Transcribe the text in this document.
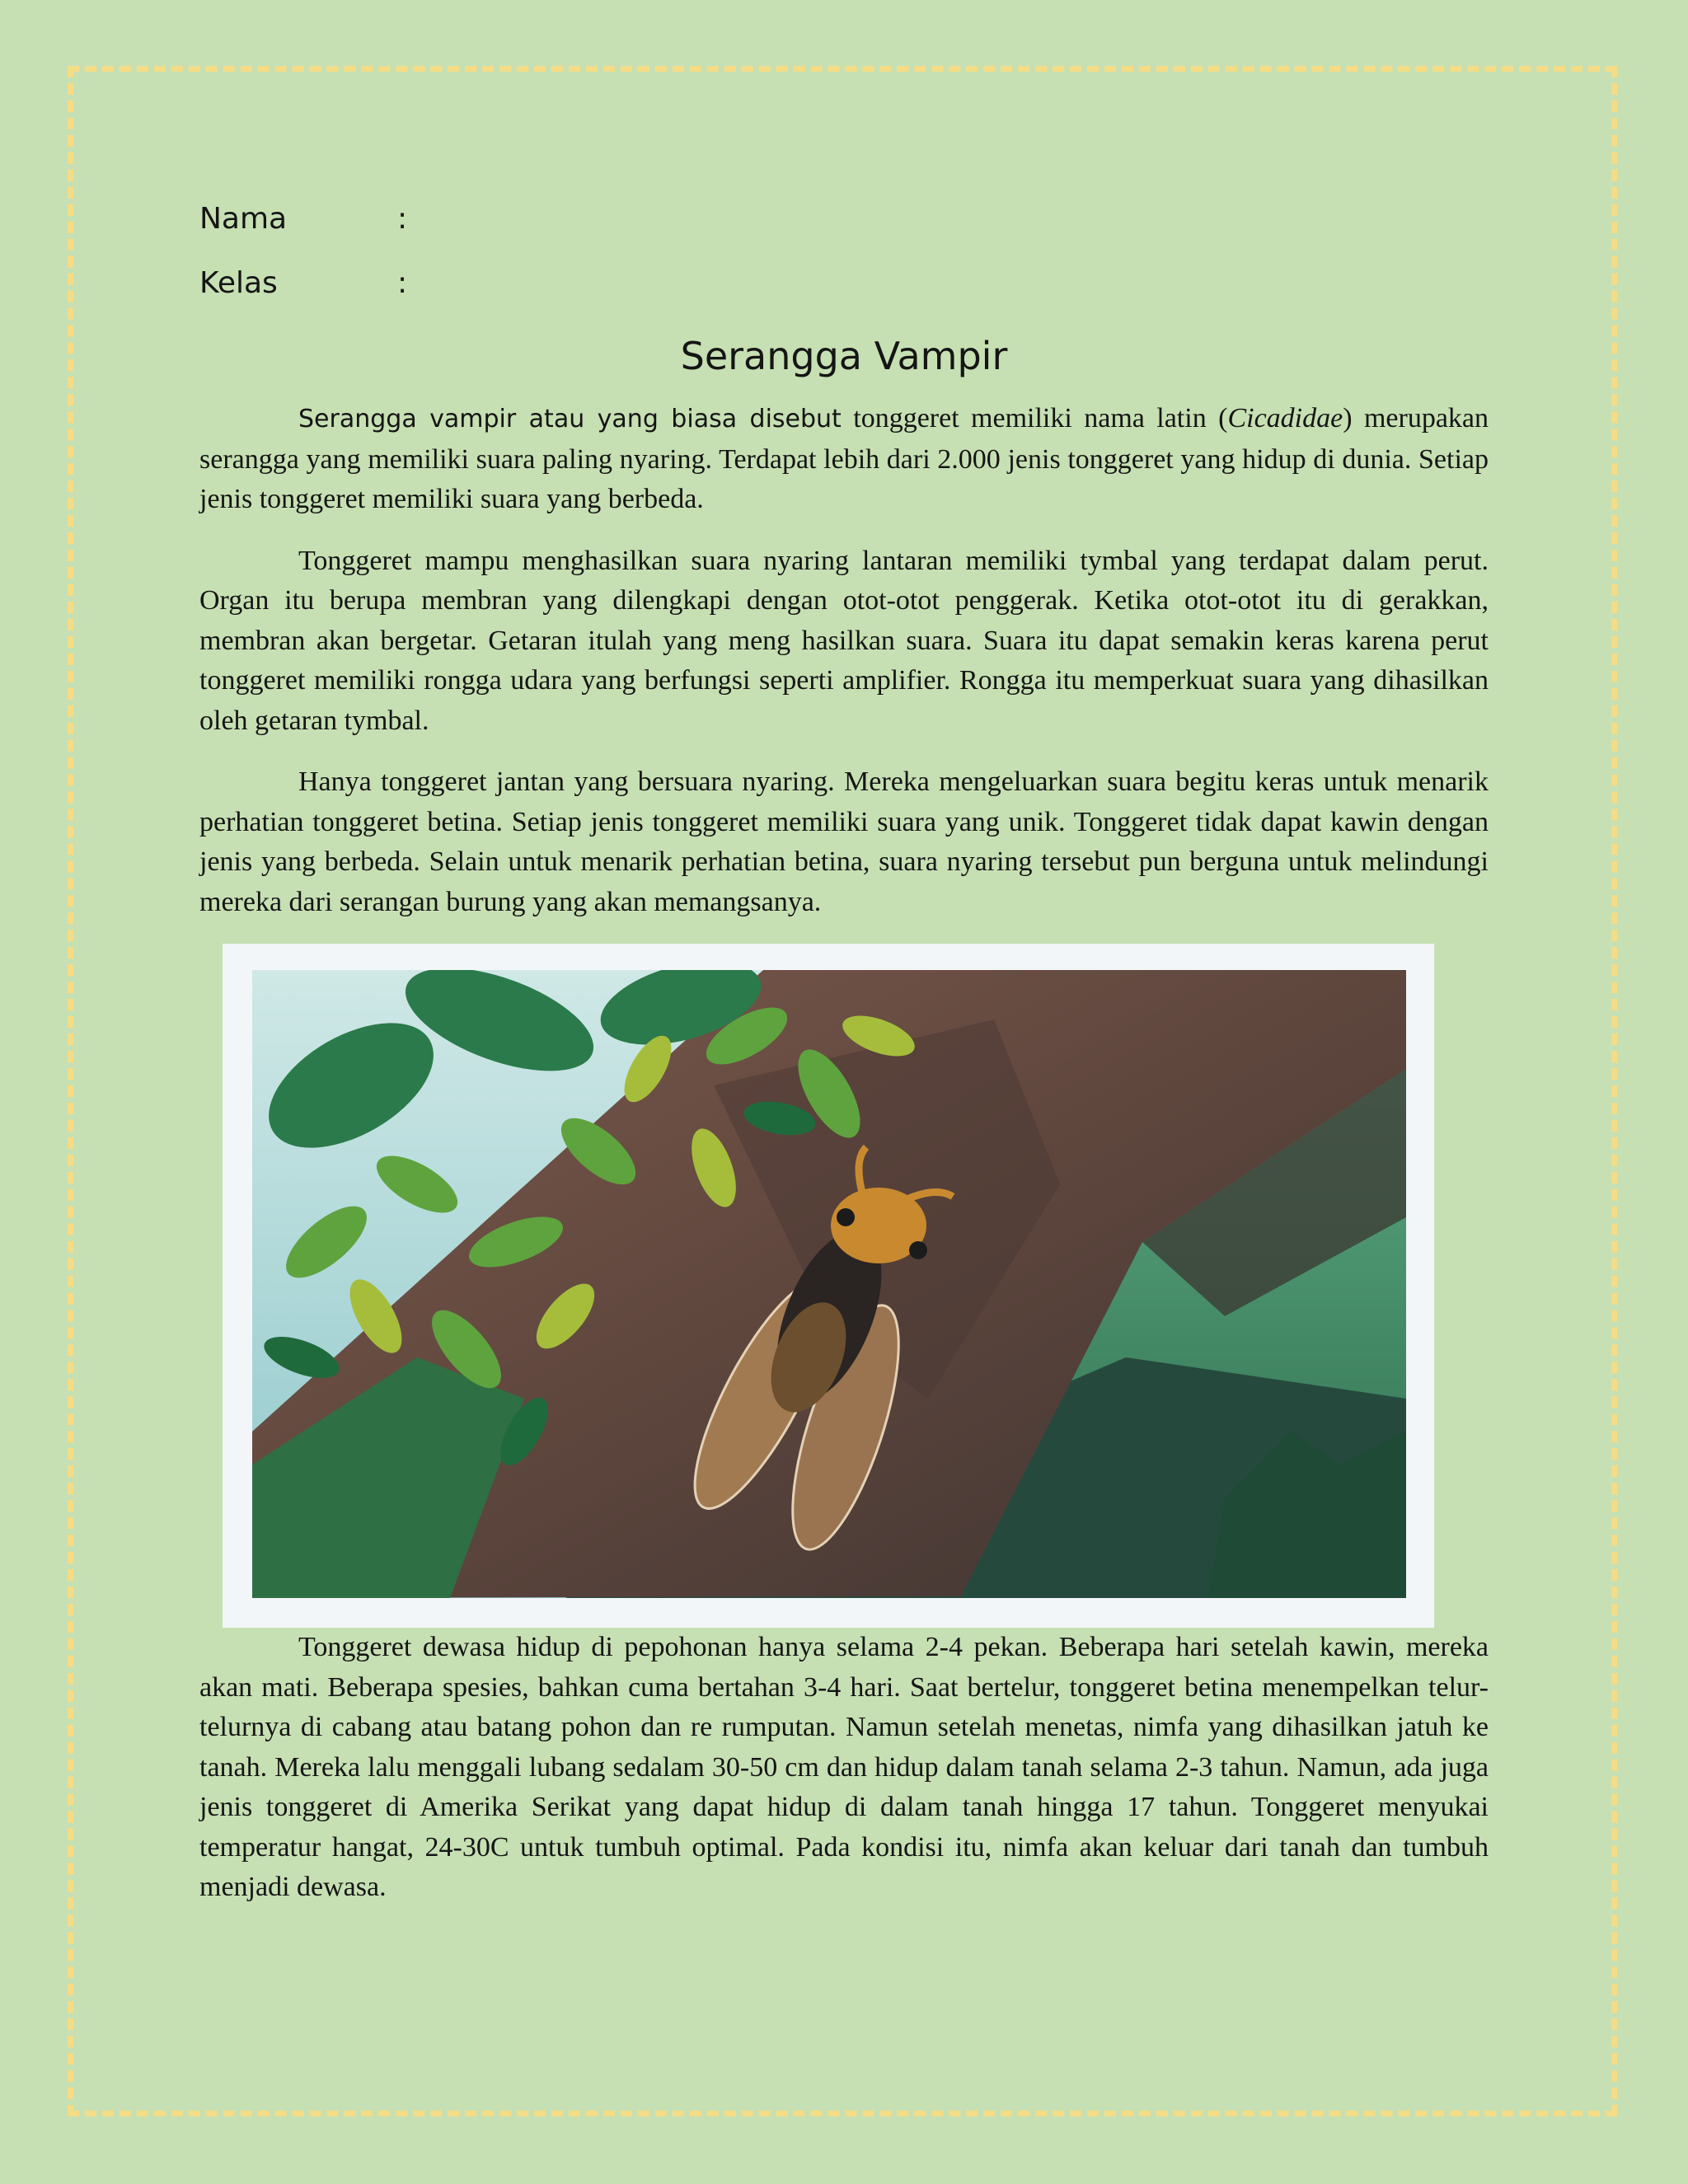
Nama	:
Kelas	:
Serangga Vampir

Serangga vampir atau yang biasa disebut tonggeret memiliki nama latin (Cicadidae) merupakan serangga yang memiliki suara paling nyaring. Terdapat lebih dari 2.000 jenis tonggeret yang hidup di dunia. Setiap jenis tonggeret memiliki suara yang berbeda.

Tonggeret mampu menghasilkan suara nyaring lantaran memiliki tymbal yang terdapat dalam perut. Organ itu berupa membran yang dilengkapi dengan otot-otot penggerak. Ketika otot-otot itu di gerakkan, membran akan bergetar. Getaran itulah yang meng hasilkan suara. Suara itu dapat semakin keras karena perut tonggeret memiliki rongga udara yang berfungsi seperti amplifier. Rongga itu memperkuat suara yang dihasilkan oleh getaran tymbal.

Hanya tonggeret jantan yang bersuara nyaring. Mereka mengeluarkan suara begitu keras untuk menarik perhatian tonggeret betina. Setiap jenis tonggeret memiliki suara yang unik. Tonggeret tidak dapat kawin dengan jenis yang berbeda. Selain untuk menarik perhatian betina, suara nyaring tersebut pun berguna untuk melindungi mereka dari serangan burung yang akan memangsanya.

Tonggeret dewasa hidup di pepohonan hanya selama 2-4 pekan. Beberapa hari setelah kawin, mereka akan mati. Beberapa spesies, bahkan cuma bertahan 3-4 hari. Saat bertelur, tonggeret betina menempelkan telur-telurnya di cabang atau batang pohon dan re rumputan. Namun setelah menetas, nimfa yang dihasilkan jatuh ke tanah. Mereka lalu menggali lubang sedalam 30-50 cm dan hidup dalam tanah selama 2-3 tahun. Namun, ada juga jenis tonggeret di Amerika Serikat yang dapat hidup di dalam tanah hingga 17 tahun. Tonggeret menyukai temperatur hangat, 24-30C untuk tumbuh optimal. Pada kondisi itu, nimfa akan keluar dari tanah dan tumbuh menjadi dewasa.
